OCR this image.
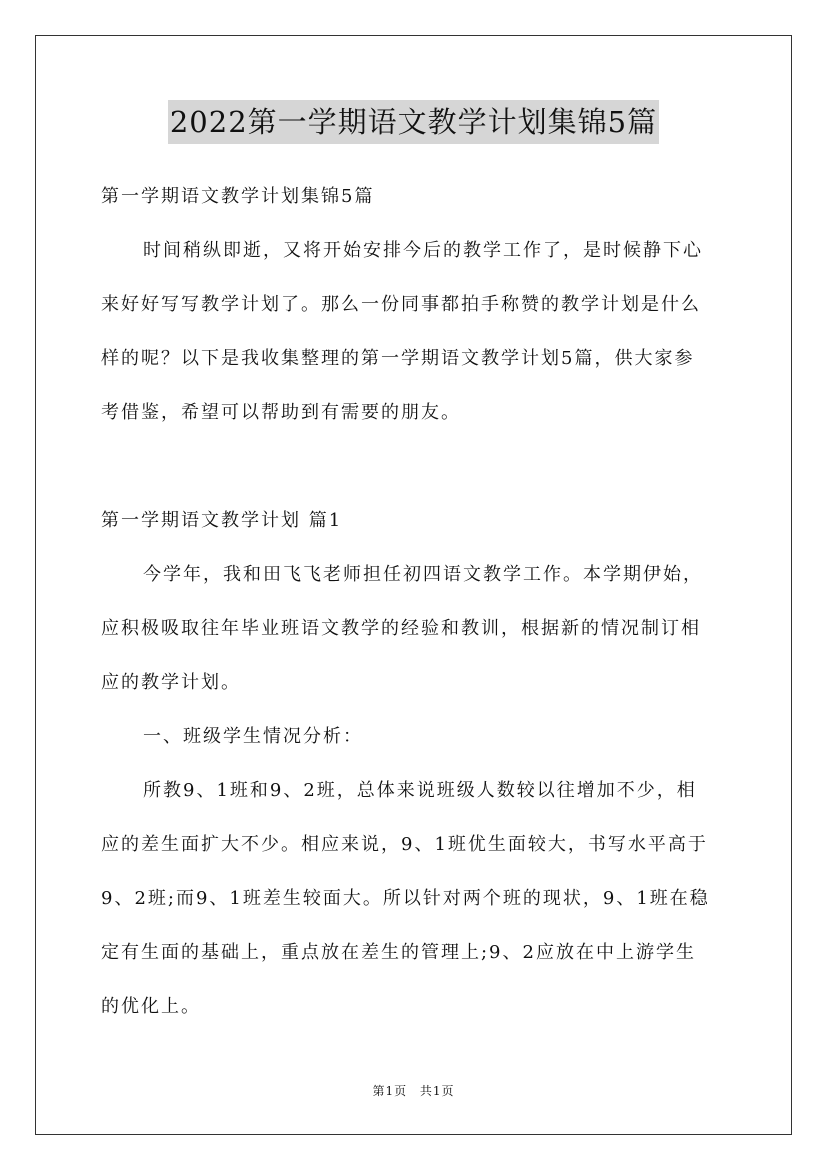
2022第一学期语文教学计划集锦5篇
第一学期语文教学计划集锦5篇
时间稍纵即逝，又将开始安排今后的教学工作了，是时候静下心
来好好写写教学计划了。那么一份同事都拍手称赞的教学计划是什么
样的呢？以下是我收集整理的第一学期语文教学计划5篇，供大家参
考借鉴，希望可以帮助到有需要的朋友。
第一学期语文教学计划 篇1
今学年，我和田飞飞老师担任初四语文教学工作。本学期伊始，
应积极吸取往年毕业班语文教学的经验和教训，根据新的情况制订相
应的教学计划。
一、班级学生情况分析：
所教9、1班和9、2班，总体来说班级人数较以往增加不少，相
应的差生面扩大不少。相应来说，9、1班优生面较大，书写水平高于
9、2班;而9、1班差生较面大。所以针对两个班的现状，9、1班在稳
定有生面的基础上，重点放在差生的管理上;9、2应放在中上游学生
的优化上。
第1页 共1页
